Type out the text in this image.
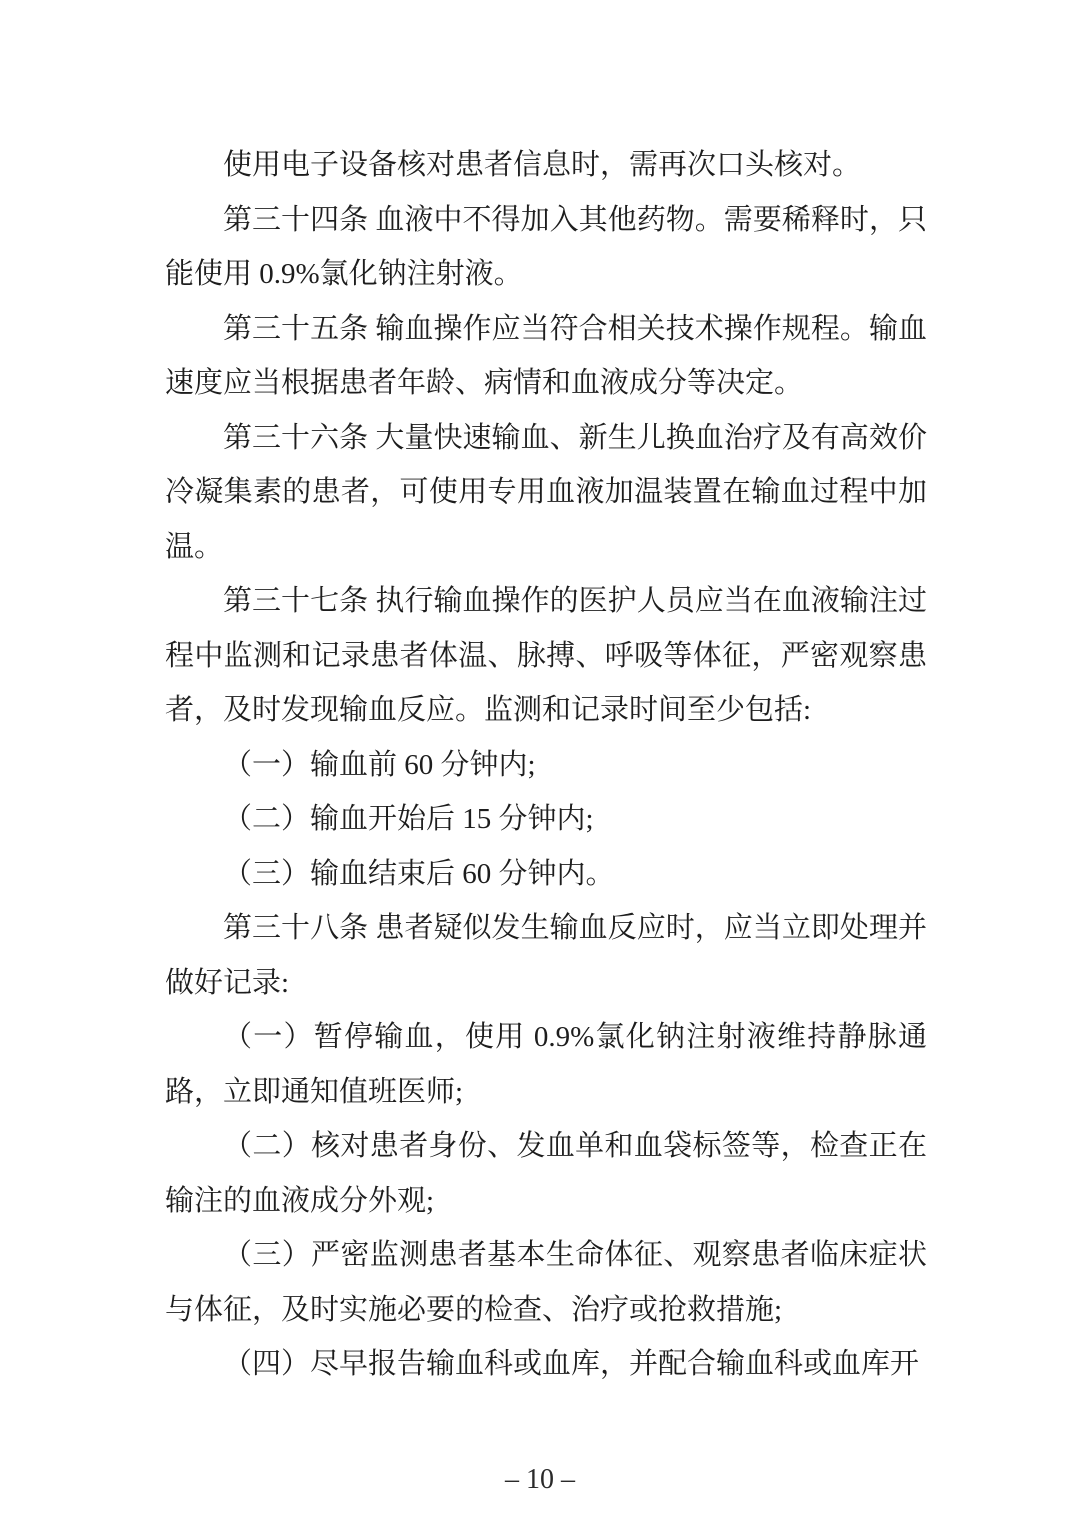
使用电子设备核对患者信息时，需再次口头核对。

第三十四条 血液中不得加入其他药物。需要稀释时，只能使用 0.9%氯化钠注射液。

第三十五条 输血操作应当符合相关技术操作规程。输血速度应当根据患者年龄、病情和血液成分等决定。

第三十六条 大量快速输血、新生儿换血治疗及有高效价冷凝集素的患者，可使用专用血液加温装置在输血过程中加温。

第三十七条 执行输血操作的医护人员应当在血液输注过程中监测和记录患者体温、脉搏、呼吸等体征，严密观察患者，及时发现输血反应。监测和记录时间至少包括:

（一）输血前 60 分钟内;

（二）输血开始后 15 分钟内;

（三）输血结束后 60 分钟内。

第三十八条 患者疑似发生输血反应时，应当立即处理并做好记录:

（一）暂停输血，使用 0.9%氯化钠注射液维持静脉通路，立即通知值班医师;

（二）核对患者身份、发血单和血袋标签等，检查正在输注的血液成分外观;

（三）严密监测患者基本生命体征、观察患者临床症状与体征，及时实施必要的检查、治疗或抢救措施;

（四）尽早报告输血科或血库，并配合输血科或血库开

– 10 –
